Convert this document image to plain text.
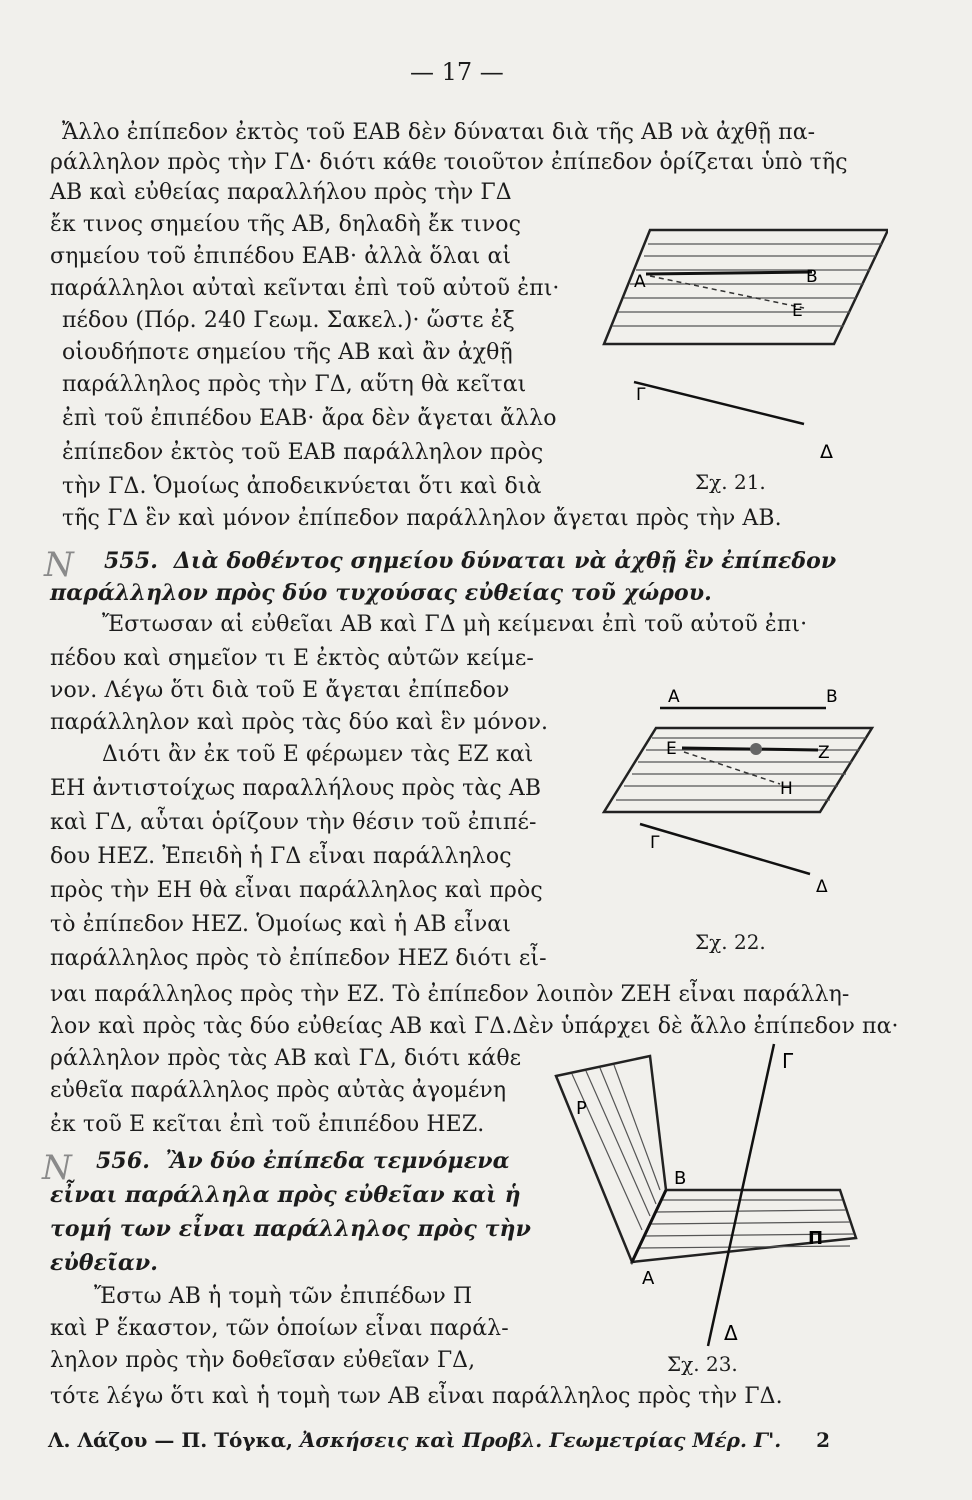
— 17 —
Ἄλλο ἐπίπεδον ἐκτὸς τοῦ ΕΑΒ δὲν δύναται διὰ τῆς ΑΒ νὰ ἀχθῇ πα-
ράλληλον πρὸς τὴν ΓΔ· διότι κάθε τοιοῦτον ἐπίπεδον ὁρίζεται ὑπὸ τῆς
ΑΒ καὶ εὐθείας παραλλήλου πρὸς τὴν ΓΔ
ἔκ τινος σημείου τῆς ΑΒ, δηλαδὴ ἔκ τινος
σημείου τοῦ ἐπιπέδου ΕΑΒ· ἀλλὰ ὅλαι αἱ
παράλληλοι αὐταὶ κεῖνται ἐπὶ τοῦ αὐτοῦ ἐπι·
πέδου (Πόρ. 240 Γεωμ. Σακελ.)· ὥστε ἐξ
οἱουδήποτε σημείου τῆς ΑΒ καὶ ἂν ἀχθῇ
παράλληλος πρὸς τὴν ΓΔ, αὕτη θὰ κεῖται
ἐπὶ τοῦ ἐπιπέδου ΕΑΒ· ἄρα δὲν ἄγεται ἄλλο
ἐπίπεδον ἐκτὸς τοῦ ΕΑΒ παράλληλον πρὸς
τὴν ΓΔ. Ὁμοίως ἀποδεικνύεται ὅτι καὶ διὰ
τῆς ΓΔ ἓν καὶ μόνον ἐπίπεδον παράλληλον ἄγεται πρὸς τὴν ΑΒ.
A	B
E
Γ
Δ
Σχ. 21.
Ν 555. Διὰ δοθέντος σημείου δύναται νὰ ἀχθῇ ἓν ἐπίπεδον
παράλληλον πρὸς δύο τυχούσας εὐθείας τοῦ χώρου.
Ἔστωσαν αἱ εὐθεῖαι ΑΒ καὶ ΓΔ μὴ κείμεναι ἐπὶ τοῦ αὐτοῦ ἐπι·
πέδου καὶ σημεῖον τι Ε ἐκτὸς αὐτῶν κείμε-
νον. Λέγω ὅτι διὰ τοῦ Ε ἄγεται ἐπίπεδον
παράλληλον καὶ πρὸς τὰς δύο καὶ ἓν μόνον.
Διότι ἂν ἐκ τοῦ Ε φέρωμεν τὰς ΕΖ καὶ
ΕΗ ἀντιστοίχως παραλλήλους πρὸς τὰς ΑΒ
καὶ ΓΔ, αὗται ὁρίζουν τὴν θέσιν τοῦ ἐπιπέ-
δου ΗΕΖ. Ἐπειδὴ ἡ ΓΔ εἶναι παράλληλος
πρὸς τὴν ΕΗ θὰ εἶναι παράλληλος καὶ πρὸς
τὸ ἐπίπεδον ΗΕΖ. Ὁμοίως καὶ ἡ ΑΒ εἶναι
παράλληλος πρὸς τὸ ἐπίπεδον ΗΕΖ διότι εἶ-
ναι παράλληλος πρὸς τὴν ΕΖ. Τὸ ἐπίπεδον λοιπὸν ΖΕΗ εἶναι παράλλη-
λον καὶ πρὸς τὰς δύο εὐθείας ΑΒ καὶ ΓΔ.Δὲν ὑπάρχει δὲ ἄλλο ἐπίπεδον πα·
ράλληλον πρὸς τὰς ΑΒ καὶ ΓΔ, διότι κάθε
εὐθεῖα παράλληλος πρὸς αὐτὰς ἀγομένη
ἐκ τοῦ Ε κεῖται ἐπὶ τοῦ ἐπιπέδου ΗΕΖ.
A	B
E	Z
H
Γ
Δ
Σχ. 22.
Ν 556. Ἂν δύο ἐπίπεδα τεμνόμενα
εἶναι παράλληλα πρὸς εὐθεῖαν καὶ ἡ
τομή των εἶναι παράλληλος πρὸς τὴν
εὐθεῖαν.
Ἔστω ΑΒ ἡ τομὴ τῶν ἐπιπέδων Π
καὶ Ρ ἕκαστον, τῶν ὁποίων εἶναι παράλ-
ληλον πρὸς τὴν δοθεῖσαν εὐθεῖαν ΓΔ,
τότε λέγω ὅτι καὶ ἡ τομὴ των ΑΒ εἶναι παράλληλος πρὸς τὴν ΓΔ.
P
Γ
B
Π
A
Δ
Σχ. 23.
Λ. Λάζου — Π. Τόγκα, Ἀσκήσεις καὶ Προβλ. Γεωμετρίας Μέρ. Γ'. 2
